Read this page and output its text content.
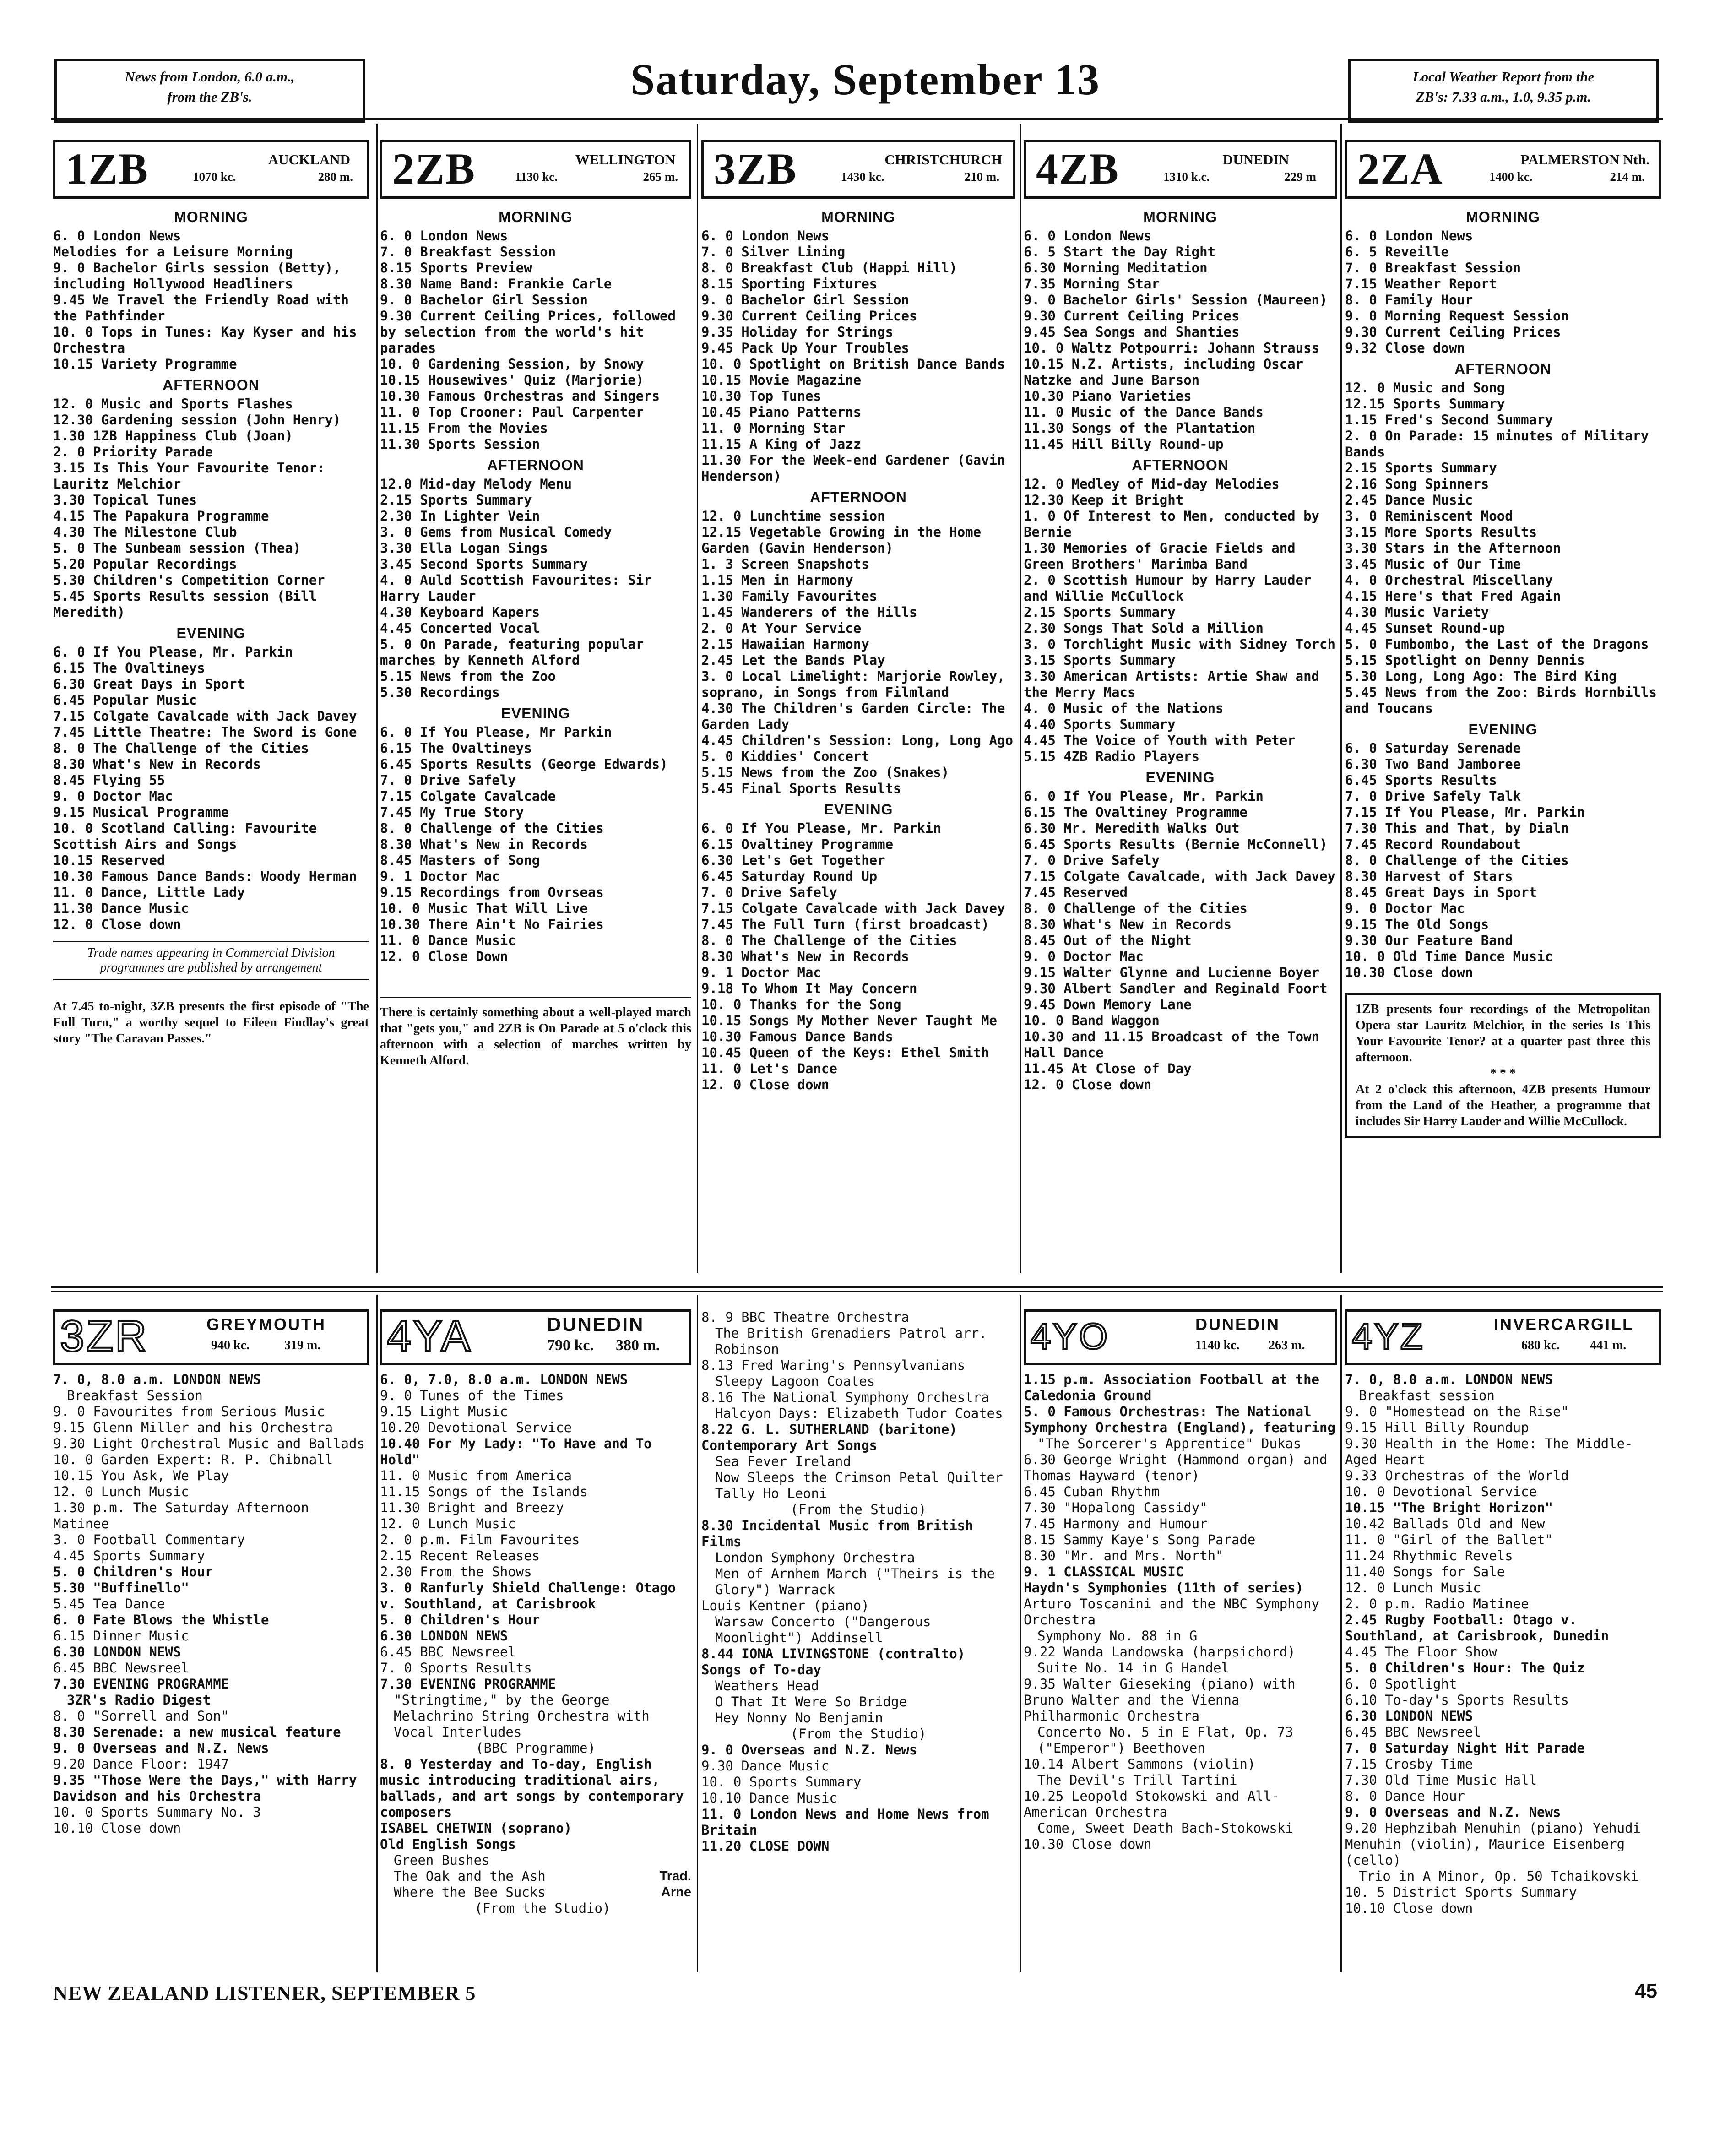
News from London, 6.0 a.m.,
from the ZB's.	Saturday, September 13	Local Weather Report from the
ZB's: 7.33 a.m., 1.0, 9.35 p.m.
1ZB	AUCKLAND
1070 kc.	280 m.
MORNING
6. 0 London News
Melodies for a Leisure Morning
9. 0 Bachelor Girls session (Betty), including Hollywood Headliners
9.45 We Travel the Friendly Road with the Pathfinder
10. 0 Tops in Tunes: Kay Kyser and his Orchestra
10.15 Variety Programme
AFTERNOON
12. 0 Music and Sports Flashes
12.30 Gardening session (John Henry)
1.30 1ZB Happiness Club (Joan)
2. 0 Priority Parade
3.15 Is This Your Favourite Tenor: Lauritz Melchior
3.30 Topical Tunes
4.15 The Papakura Programme
4.30 The Milestone Club
5. 0 The Sunbeam session (Thea)
5.20 Popular Recordings
5.30 Children's Competition Corner
5.45 Sports Results session (Bill Meredith)
EVENING
6. 0 If You Please, Mr. Parkin
6.15 The Ovaltineys
6.30 Great Days in Sport
6.45 Popular Music
7.15 Colgate Cavalcade with Jack Davey
7.45 Little Theatre: The Sword is Gone
8. 0 The Challenge of the Cities
8.30 What's New in Records
8.45 Flying 55
9. 0 Doctor Mac
9.15 Musical Programme
10. 0 Scotland Calling: Favourite Scottish Airs and Songs
10.15 Reserved
10.30 Famous Dance Bands: Woody Herman
11. 0 Dance, Little Lady
11.30 Dance Music
12. 0 Close down
Trade names appearing in Commercial Division programmes are published by arrangement
At 7.45 to-night, 3ZB presents the first episode of "The Full Turn," a worthy sequel to Eileen Findlay's great story "The Caravan Passes."
2ZB	WELLINGTON
1130 kc.	265 m.
MORNING
6. 0 London News
7. 0 Breakfast Session
8.15 Sports Preview
8.30 Name Band: Frankie Carle
9. 0 Bachelor Girl Session
9.30 Current Ceiling Prices, followed by selection from the world's hit parades
10. 0 Gardening Session, by Snowy
10.15 Housewives' Quiz (Marjorie)
10.30 Famous Orchestras and Singers
11. 0 Top Crooner: Paul Carpenter
11.15 From the Movies
11.30 Sports Session
AFTERNOON
12.0 Mid-day Melody Menu
2.15 Sports Summary
2.30 In Lighter Vein
3. 0 Gems from Musical Comedy
3.30 Ella Logan Sings
3.45 Second Sports Summary
4. 0 Auld Scottish Favourites: Sir Harry Lauder
4.30 Keyboard Kapers
4.45 Concerted Vocal
5. 0 On Parade, featuring popular marches by Kenneth Alford
5.15 News from the Zoo
5.30 Recordings
EVENING
6. 0 If You Please, Mr Parkin
6.15 The Ovaltineys
6.45 Sports Results (George Edwards)
7. 0 Drive Safely
7.15 Colgate Cavalcade
7.45 My True Story
8. 0 Challenge of the Cities
8.30 What's New in Records
8.45 Masters of Song
9. 1 Doctor Mac
9.15 Recordings from Ovrseas
10. 0 Music That Will Live
10.30 There Ain't No Fairies
11. 0 Dance Music
12. 0 Close Down
There is certainly something about a well-played march that "gets you," and 2ZB is On Parade at 5 o'clock this afternoon with a selection of marches written by Kenneth Alford.
3ZB	CHRISTCHURCH
1430 kc.	210 m.
MORNING
6. 0 London News
7. 0 Silver Lining
8. 0 Breakfast Club (Happi Hill)
8.15 Sporting Fixtures
9. 0 Bachelor Girl Session
9.30 Current Ceiling Prices
9.35 Holiday for Strings
9.45 Pack Up Your Troubles
10. 0 Spotlight on British Dance Bands
10.15 Movie Magazine
10.30 Top Tunes
10.45 Piano Patterns
11. 0 Morning Star
11.15 A King of Jazz
11.30 For the Week-end Gardener (Gavin Henderson)
AFTERNOON
12. 0 Lunchtime session
12.15 Vegetable Growing in the Home Garden (Gavin Henderson)
1. 3 Screen Snapshots
1.15 Men in Harmony
1.30 Family Favourites
1.45 Wanderers of the Hills
2. 0 At Your Service
2.15 Hawaiian Harmony
2.45 Let the Bands Play
3. 0 Local Limelight: Marjorie Rowley, soprano, in Songs from Filmland
4.30 The Children's Garden Circle: The Garden Lady
4.45 Children's Session: Long, Long Ago
5. 0 Kiddies' Concert
5.15 News from the Zoo (Snakes)
5.45 Final Sports Results
EVENING
6. 0 If You Please, Mr. Parkin
6.15 Ovaltiney Programme
6.30 Let's Get Together
6.45 Saturday Round Up
7. 0 Drive Safely
7.15 Colgate Cavalcade with Jack Davey
7.45 The Full Turn (first broadcast)
8. 0 The Challenge of the Cities
8.30 What's New in Records
9. 1 Doctor Mac
9.18 To Whom It May Concern
10. 0 Thanks for the Song
10.15 Songs My Mother Never Taught Me
10.30 Famous Dance Bands
10.45 Queen of the Keys: Ethel Smith
11. 0 Let's Dance
12. 0 Close down
4ZB	DUNEDIN
1310 k.c.	229 m
MORNING
6. 0 London News
6. 5 Start the Day Right
6.30 Morning Meditation
7.35 Morning Star
9. 0 Bachelor Girls' Session (Maureen)
9.30 Current Ceiling Prices
9.45 Sea Songs and Shanties
10. 0 Waltz Potpourri: Johann Strauss
10.15 N.Z. Artists, including Oscar Natzke and June Barson
10.30 Piano Varieties
11. 0 Music of the Dance Bands
11.30 Songs of the Plantation
11.45 Hill Billy Round-up
AFTERNOON
12. 0 Medley of Mid-day Melodies
12.30 Keep it Bright
1. 0 Of Interest to Men, conducted by Bernie
1.30 Memories of Gracie Fields and Green Brothers' Marimba Band
2. 0 Scottish Humour by Harry Lauder and Willie McCullock
2.15 Sports Summary
2.30 Songs That Sold a Million
3. 0 Torchlight Music with Sidney Torch
3.15 Sports Summary
3.30 American Artists: Artie Shaw and the Merry Macs
4. 0 Music of the Nations
4.40 Sports Summary
4.45 The Voice of Youth with Peter
5.15 4ZB Radio Players
EVENING
6. 0 If You Please, Mr. Parkin
6.15 The Ovaltiney Programme
6.30 Mr. Meredith Walks Out
6.45 Sports Results (Bernie McConnell)
7. 0 Drive Safely
7.15 Colgate Cavalcade, with Jack Davey
7.45 Reserved
8. 0 Challenge of the Cities
8.30 What's New in Records
8.45 Out of the Night
9. 0 Doctor Mac
9.15 Walter Glynne and Lucienne Boyer
9.30 Albert Sandler and Reginald Foort
9.45 Down Memory Lane
10. 0 Band Waggon
10.30 and 11.15 Broadcast of the Town Hall Dance
11.45 At Close of Day
12. 0 Close down
2ZA	PALMERSTON Nth.
1400 kc.	214 m.
MORNING
6. 0 London News
6. 5 Reveille
7. 0 Breakfast Session
7.15 Weather Report
8. 0 Family Hour
9. 0 Morning Request Session
9.30 Current Ceiling Prices
9.32 Close down
AFTERNOON
12. 0 Music and Song
12.15 Sports Summary
1.15 Fred's Second Summary
2. 0 On Parade: 15 minutes of Military Bands
2.15 Sports Summary
2.16 Song Spinners
2.45 Dance Music
3. 0 Reminiscent Mood
3.15 More Sports Results
3.30 Stars in the Afternoon
3.45 Music of Our Time
4. 0 Orchestral Miscellany
4.15 Here's that Fred Again
4.30 Music Variety
4.45 Sunset Round-up
5. 0 Fumbombo, the Last of the Dragons
5.15 Spotlight on Denny Dennis
5.30 Long, Long Ago: The Bird King
5.45 News from the Zoo: Birds Hornbills and Toucans
EVENING
6. 0 Saturday Serenade
6.30 Two Band Jamboree
6.45 Sports Results
7. 0 Drive Safely Talk
7.15 If You Please, Mr. Parkin
7.30 This and That, by Dialn
7.45 Record Roundabout
8. 0 Challenge of the Cities
8.30 Harvest of Stars
8.45 Great Days in Sport
9. 0 Doctor Mac
9.15 The Old Songs
9.30 Our Feature Band
10. 0 Old Time Dance Music
10.30 Close down
1ZB presents four recordings of the Metropolitan Opera star Lauritz Melchior, in the series Is This Your Favourite Tenor? at a quarter past three this afternoon.
* * *
At 2 o'clock this afternoon, 4ZB presents Humour from the Land of the Heather, a programme that includes Sir Harry Lauder and Willie McCullock.
3ZR	GREYMOUTH
940 kc.	319 m.
7. 0, 8.0 a.m. LONDON NEWS
Breakfast Session
9. 0 Favourites from Serious Music
9.15 Glenn Miller and his Orchestra
9.30 Light Orchestral Music and Ballads
10. 0 Garden Expert: R. P. Chibnall
10.15 You Ask, We Play
12. 0 Lunch Music
1.30 p.m. The Saturday Afternoon Matinee
3. 0 Football Commentary
4.45 Sports Summary
5. 0 Children's Hour
5.30 "Buffinello"
5.45 Tea Dance
6. 0 Fate Blows the Whistle
6.15 Dinner Music
6.30 LONDON NEWS
6.45 BBC Newsreel
7.30 EVENING PROGRAMME
3ZR's Radio Digest
8. 0 "Sorrell and Son"
8.30 Serenade: a new musical feature
9. 0 Overseas and N.Z. News
9.20 Dance Floor: 1947
9.35 "Those Were the Days," with Harry Davidson and his Orchestra
10. 0 Sports Summary No. 3
10.10 Close down
4YA	DUNEDIN
790 kc. 380 m.
6. 0, 7.0, 8.0 a.m. LONDON NEWS
9. 0 Tunes of the Times
9.15 Light Music
10.20 Devotional Service
10.40 For My Lady: "To Have and To Hold"
11. 0 Music from America
11.15 Songs of the Islands
11.30 Bright and Breezy
12. 0 Lunch Music
2. 0 p.m. Film Favourites
2.15 Recent Releases
2.30 From the Shows
3. 0 Ranfurly Shield Challenge: Otago v. Southland, at Carisbrook
5. 0 Children's Hour
6.30 LONDON NEWS
6.45 BBC Newsreel
7. 0 Sports Results
7.30 EVENING PROGRAMME
"Stringtime," by the George Melachrino String Orchestra with Vocal Interludes
(BBC Programme)
8. 0 Yesterday and To-day, English music introducing traditional airs, ballads, and art songs by contemporary composers
ISABEL CHETWIN (soprano)
Old English Songs
Green Bushes
The Oak and the Ash	Trad.
Where the Bee Sucks	Arne
(From the Studio)
8. 9 BBC Theatre Orchestra
The British Grenadiers Patrol arr. Robinson
8.13 Fred Waring's Pennsylvanians
Sleepy Lagoon Coates
8.16 The National Symphony Orchestra
Halcyon Days: Elizabeth Tudor Coates
8.22 G. L. SUTHERLAND (baritone)
Contemporary Art Songs
Sea Fever Ireland
Now Sleeps the Crimson Petal Quilter
Tally Ho Leoni
(From the Studio)
8.30 Incidental Music from British Films
London Symphony Orchestra
Men of Arnhem March ("Theirs is the Glory") Warrack
Louis Kentner (piano)
Warsaw Concerto ("Dangerous Moonlight") Addinsell
8.44 IONA LIVINGSTONE (contralto)
Songs of To-day
Weathers Head
O That It Were So Bridge
Hey Nonny No Benjamin
(From the Studio)
9. 0 Overseas and N.Z. News
9.30 Dance Music
10. 0 Sports Summary
10.10 Dance Music
11. 0 London News and Home News from Britain
11.20 CLOSE DOWN
4YO	DUNEDIN
1140 kc. 263 m.
1.15 p.m. Association Football at the Caledonia Ground
5. 0 Famous Orchestras: The National Symphony Orchestra (England), featuring
"The Sorcerer's Apprentice" Dukas
6.30 George Wright (Hammond organ) and Thomas Hayward (tenor)
6.45 Cuban Rhythm
7.30 "Hopalong Cassidy"
7.45 Harmony and Humour
8.15 Sammy Kaye's Song Parade
8.30 "Mr. and Mrs. North"
9. 1 CLASSICAL MUSIC
Haydn's Symphonies (11th of series)
Arturo Toscanini and the NBC Symphony Orchestra
Symphony No. 88 in G
9.22 Wanda Landowska (harpsichord)
Suite No. 14 in G Handel
9.35 Walter Gieseking (piano) with Bruno Walter and the Vienna Philharmonic Orchestra
Concerto No. 5 in E Flat, Op. 73 ("Emperor") Beethoven
10.14 Albert Sammons (violin)
The Devil's Trill Tartini
10.25 Leopold Stokowski and All-American Orchestra
Come, Sweet Death Bach-Stokowski
10.30 Close down
4YZ	INVERCARGILL
680 kc. 441 m.
7. 0, 8.0 a.m. LONDON NEWS
Breakfast session
9. 0 "Homestead on the Rise"
9.15 Hill Billy Roundup
9.30 Health in the Home: The Middle-Aged Heart
9.33 Orchestras of the World
10. 0 Devotional Service
10.15 "The Bright Horizon"
10.42 Ballads Old and New
11. 0 "Girl of the Ballet"
11.24 Rhythmic Revels
11.40 Songs for Sale
12. 0 Lunch Music
2. 0 p.m. Radio Matinee
2.45 Rugby Football: Otago v. Southland, at Carisbrook, Dunedin
4.45 The Floor Show
5. 0 Children's Hour: The Quiz
6. 0 Spotlight
6.10 To-day's Sports Results
6.30 LONDON NEWS
6.45 BBC Newsreel
7. 0 Saturday Night Hit Parade
7.15 Crosby Time
7.30 Old Time Music Hall
8. 0 Dance Hour
9. 0 Overseas and N.Z. News
9.20 Hephzibah Menuhin (piano) Yehudi Menuhin (violin), Maurice Eisenberg (cello)
Trio in A Minor, Op. 50 Tchaikovski
10. 5 District Sports Summary
10.10 Close down
NEW ZEALAND LISTENER, SEPTEMBER 5	45
